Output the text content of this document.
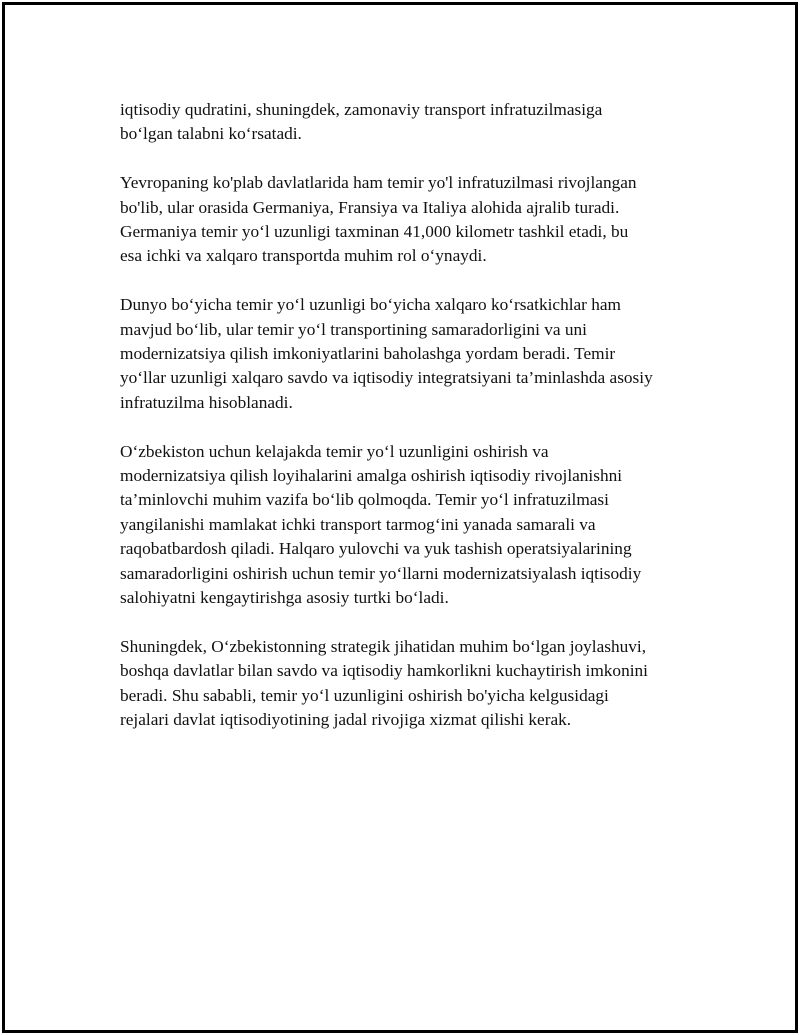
iqtisodiy qudratini, shuningdek, zamonaviy transport infratuzilmasiga
bo‘lgan talabni ko‘rsatadi.

Yevropaning ko'plab davlatlarida ham temir yo'l infratuzilmasi rivojlangan
bo'lib, ular orasida Germaniya, Fransiya va Italiya alohida ajralib turadi.
Germaniya temir yo‘l uzunligi taxminan 41,000 kilometr tashkil etadi, bu
esa ichki va xalqaro transportda muhim rol o‘ynaydi.

Dunyo bo‘yicha temir yo‘l uzunligi bo‘yicha xalqaro ko‘rsatkichlar ham
mavjud bo‘lib, ular temir yo‘l transportining samaradorligini va uni
modernizatsiya qilish imkoniyatlarini baholashga yordam beradi. Temir
yo‘llar uzunligi xalqaro savdo va iqtisodiy integratsiyani ta’minlashda asosiy
infratuzilma hisoblanadi.

O‘zbekiston uchun kelajakda temir yo‘l uzunligini oshirish va
modernizatsiya qilish loyihalarini amalga oshirish iqtisodiy rivojlanishni
ta’minlovchi muhim vazifa bo‘lib qolmoqda. Temir yo‘l infratuzilmasi
yangilanishi mamlakat ichki transport tarmog‘ini yanada samarali va
raqobatbardosh qiladi. Halqaro yulovchi va yuk tashish operatsiyalarining
samaradorligini oshirish uchun temir yo‘llarni modernizatsiyalash iqtisodiy
salohiyatni kengaytirishga asosiy turtki bo‘ladi.

Shuningdek, O‘zbekistonning strategik jihatidan muhim bo‘lgan joylashuvi,
boshqa davlatlar bilan savdo va iqtisodiy hamkorlikni kuchaytirish imkonini
beradi. Shu sababli, temir yo‘l uzunligini oshirish bo'yicha kelgusidagi
rejalari davlat iqtisodiyotining jadal rivojiga xizmat qilishi kerak.
